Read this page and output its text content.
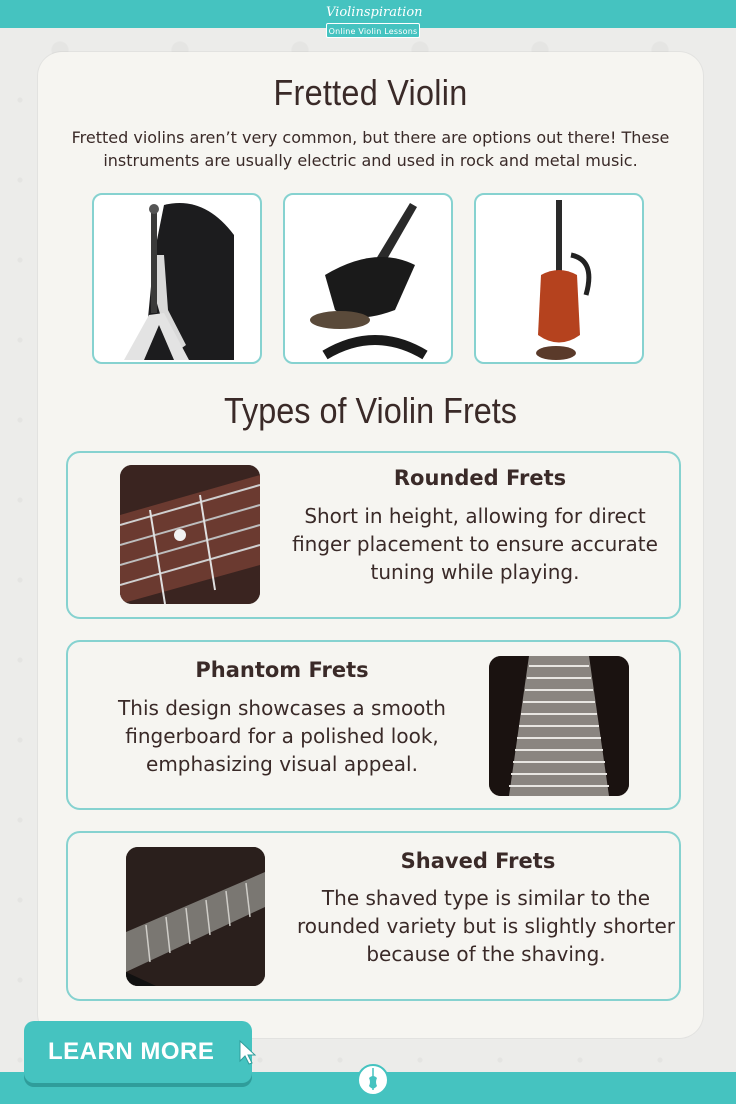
Violinspiration
Online Violin Lessons
Fretted Violin

Fretted violins aren’t very common, but there are options out there! These instruments are usually electric and used in rock and metal music.

Types of Violin Frets
Rounded Frets
Short in height, allowing for direct finger placement to ensure accurate tuning while playing.
Phantom Frets
This design showcases a smooth fingerboard for a polished look, emphasizing visual appeal.
Shaved Frets
The shaved type is similar to the rounded variety but is slightly shorter because of the shaving.
LEARN MORE
